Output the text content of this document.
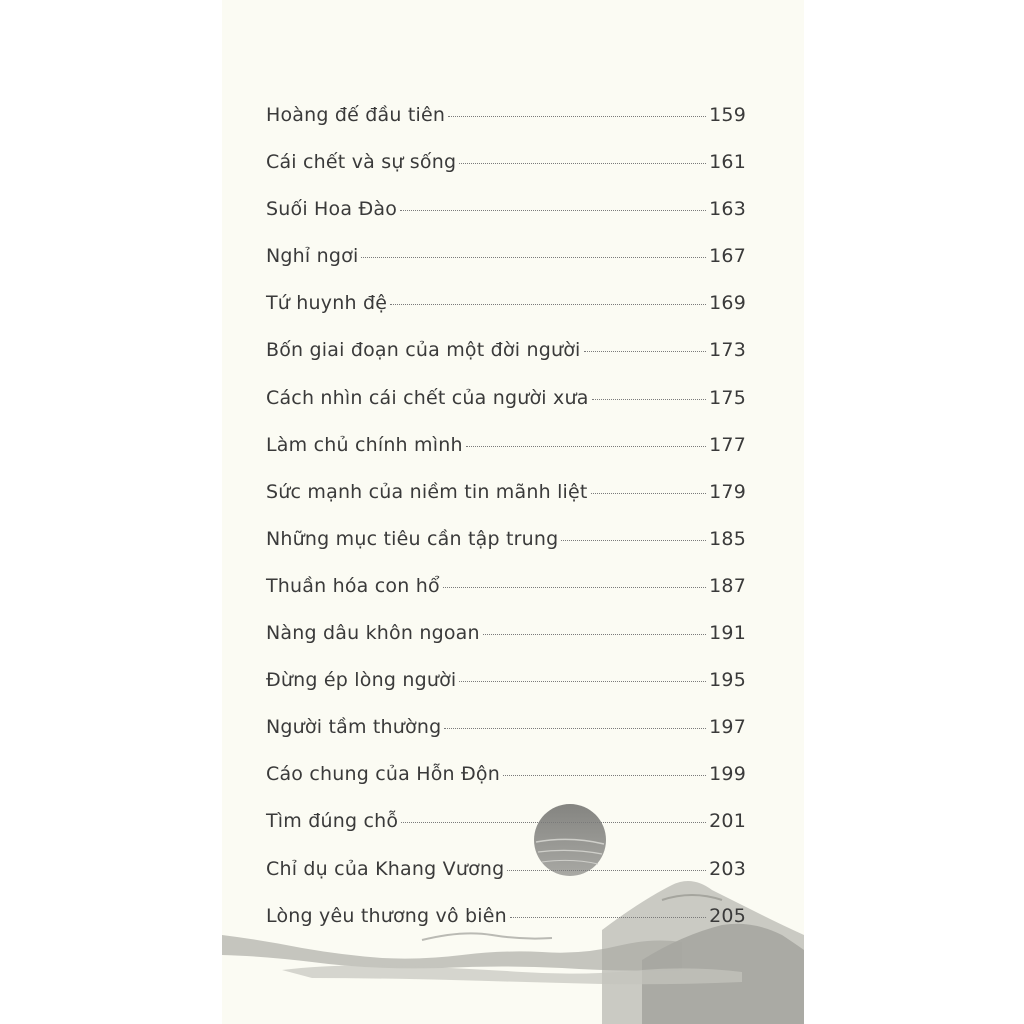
Hoàng đế đầu tiên	159
Cái chết và sự sống	161
Suối Hoa Đào	163
Nghỉ ngơi	167
Tứ huynh đệ	169
Bốn giai đoạn của một đời người	173
Cách nhìn cái chết của người xưa	175
Làm chủ chính mình	177
Sức mạnh của niềm tin mãnh liệt	179
Những mục tiêu cần tập trung	185
Thuần hóa con hổ	187
Nàng dâu khôn ngoan	191
Đừng ép lòng người	195
Người tầm thường	197
Cáo chung của Hỗn Độn	199
Tìm đúng chỗ	201
Chỉ dụ của Khang Vương	203
Lòng yêu thương vô biên	205
